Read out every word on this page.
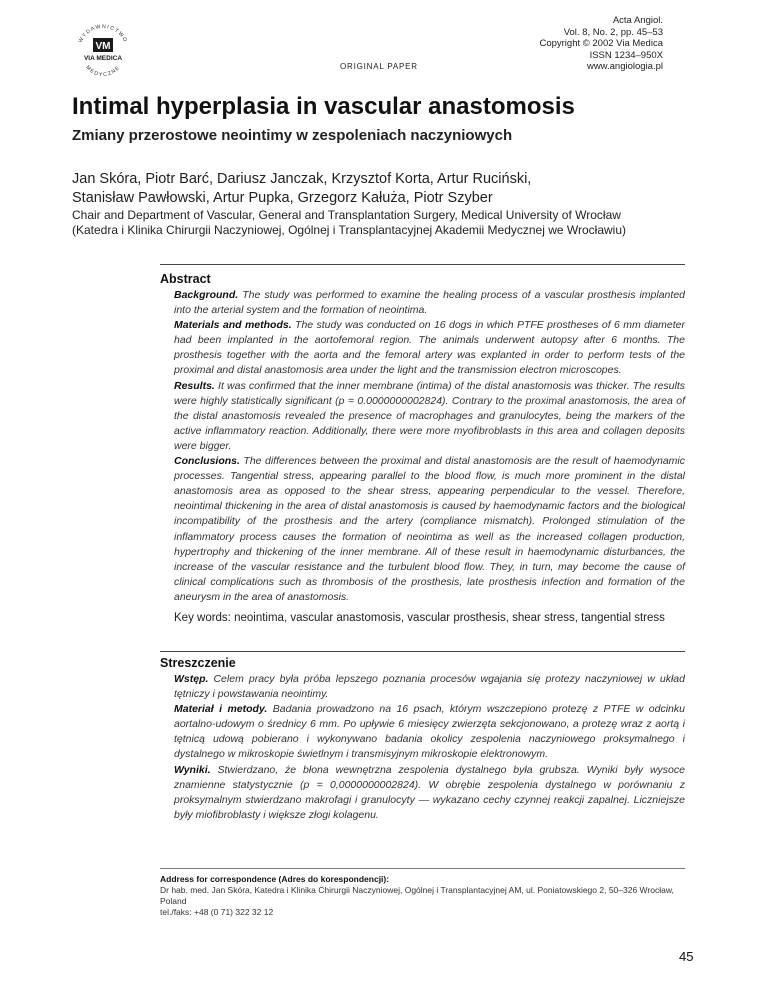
WYDAWNICTWO
MEDYCZNE
VM
VIA MEDICA
ORIGINAL PAPER
Acta Angiol.
Vol. 8, No. 2, pp. 45–53
Copyright © 2002 Via Medica
ISSN 1234–950X
www.angiologia.pl
Intimal hyperplasia in vascular anastomosis
Zmiany przerostowe neointimy w zespoleniach naczyniowych
Jan Skóra, Piotr Barć, Dariusz Janczak, Krzysztof Korta, Artur Ruciński,
Stanisław Pawłowski, Artur Pupka, Grzegorz Kałuża, Piotr Szyber
Chair and Department of Vascular, General and Transplantation Surgery, Medical University of Wrocław
(Katedra i Klinika Chirurgii Naczyniowej, Ogólnej i Transplantacyjnej Akademii Medycznej we Wrocławiu)
Abstract
Background. The study was performed to examine the healing process of a vascular prosthesis implanted into the arterial system and the formation of neointima.
Materials and methods. The study was conducted on 16 dogs in which PTFE prostheses of 6 mm diameter had been implanted in the aortofemoral region. The animals underwent autopsy after 6 months. The prosthesis together with the aorta and the femoral artery was explanted in order to perform tests of the proximal and distal anastomosis area under the light and the transmission electron microscopes.
Results. It was confirmed that the inner membrane (intima) of the distal anastomosis was thicker. The results were highly statistically significant (p = 0.0000000002824). Contrary to the proximal anastomosis, the area of the distal anastomosis revealed the presence of macrophages and granulocytes, being the markers of the active inflammatory reaction. Additionally, there were more myofibroblasts in this area and collagen deposits were bigger.
Conclusions. The differences between the proximal and distal anastomosis are the result of haemodynamic processes. Tangential stress, appearing parallel to the blood flow, is much more prominent in the distal anastomosis area as opposed to the shear stress, appearing perpendicular to the vessel. Therefore, neointimal thickening in the area of distal anastomosis is caused by haemodynamic factors and the biological incompatibility of the prosthesis and the artery (compliance mismatch). Prolonged stimulation of the inflammatory process causes the formation of neointima as well as the increased collagen production, hypertrophy and thickening of the inner membrane. All of these result in haemodynamic disturbances, the increase of the vascular resistance and the turbulent blood flow. They, in turn, may become the cause of clinical complications such as thrombosis of the prosthesis, late prosthesis infection and formation of the aneurysm in the area of anastomosis.
Key words: neointima, vascular anastomosis, vascular prosthesis, shear stress, tangential stress
Streszczenie
Wstęp. Celem pracy była próba lepszego poznania procesów wgajania się protezy naczyniowej w układ tętniczy i powstawania neointimy.
Materiał i metody. Badania prowadzono na 16 psach, którym wszczepiono protezę z PTFE w odcinku aortalno-udowym o średnicy 6 mm. Po upływie 6 miesięcy zwierzęta sekcjonowano, a protezę wraz z aortą i tętnicą udową pobierano i wykonywano badania okolicy zespolenia naczyniowego proksymalnego i dystalnego w mikroskopie świetlnym i transmisyjnym mikroskopie elektronowym.
Wyniki. Stwierdzano, że błona wewnętrzna zespolenia dystalnego była grubsza. Wyniki były wysoce znamienne statystycznie (p = 0,0000000002824). W obrębie zespolenia dystalnego w porównaniu z proksymalnym stwierdzano makrofagi i granulocyty — wykazano cechy czynnej reakcji zapalnej. Liczniejsze były miofibroblasty i większe złogi kolagenu.
Address for correspondence (Adres do korespondencji):
Dr hab. med. Jan Skóra, Katedra i Klinika Chirurgii Naczyniowej, Ogólnej i Transplantacyjnej AM, ul. Poniatowskiego 2, 50–326 Wrocław, Poland
tel./faks: +48 (0 71) 322 32 12
45
